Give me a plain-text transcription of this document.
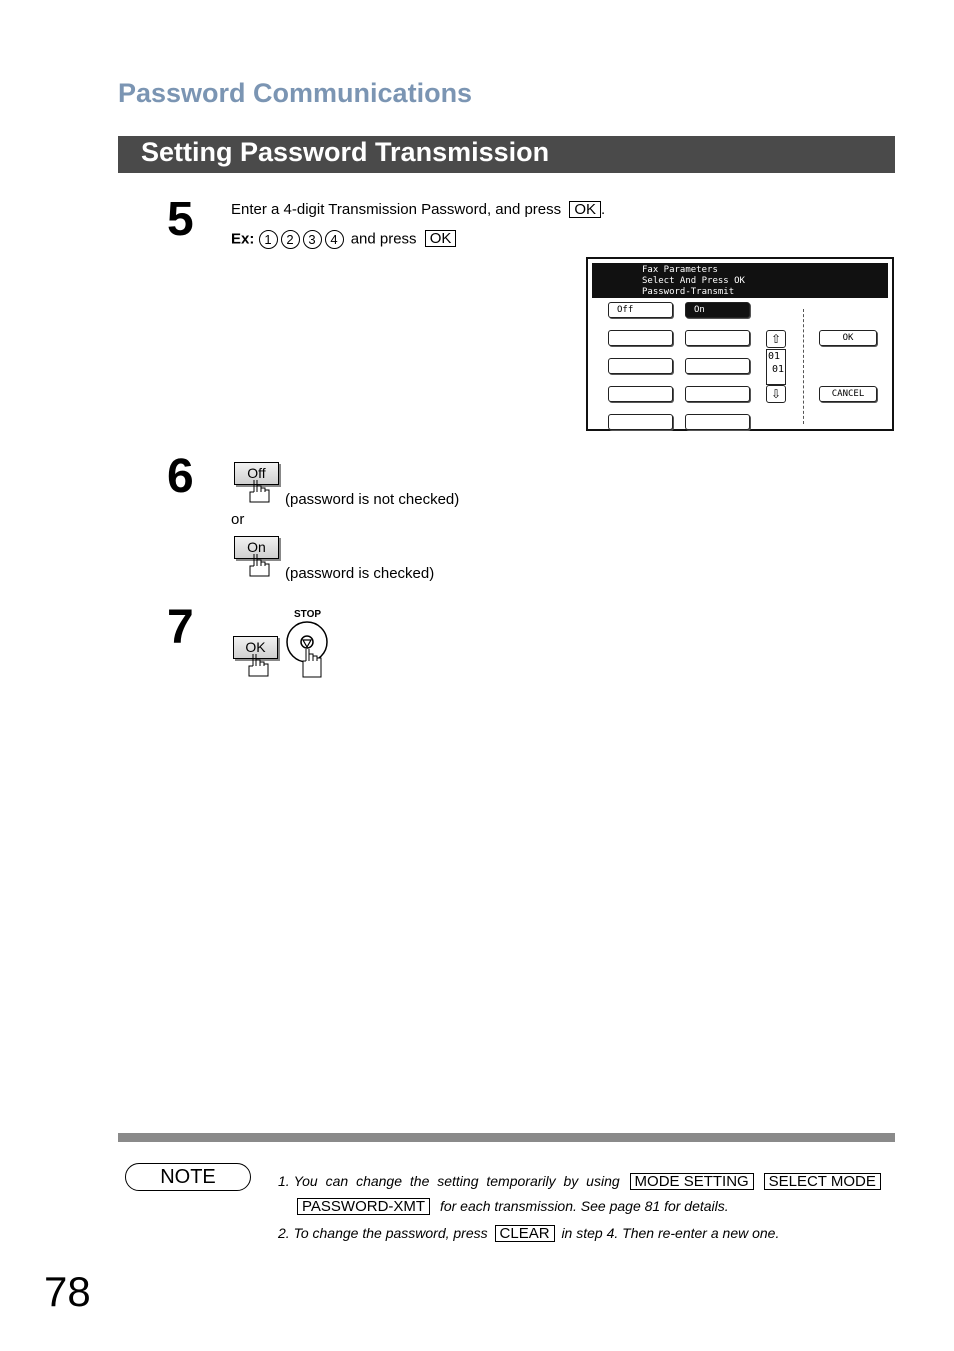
Password Communications
Setting Password Transmission
5 Enter a 4-digit Transmission Password, and press OK .
Ex: 1 2 3 4 and press OK
Fax Parameters
Select And Press OK
Password-Transmit
Off	On
⇧
01
01
⇩
OK
CANCEL
6	Off
(password is not checked)
or
On
(password is checked)
7	OK
STOP
NOTE	1. You can change the setting temporarily by using MODE SETTING SELECT MODE
PASSWORD-XMT for each transmission. See page 81 for details.
2. To change the password, press CLEAR in step 4. Then re-enter a new one.
78
